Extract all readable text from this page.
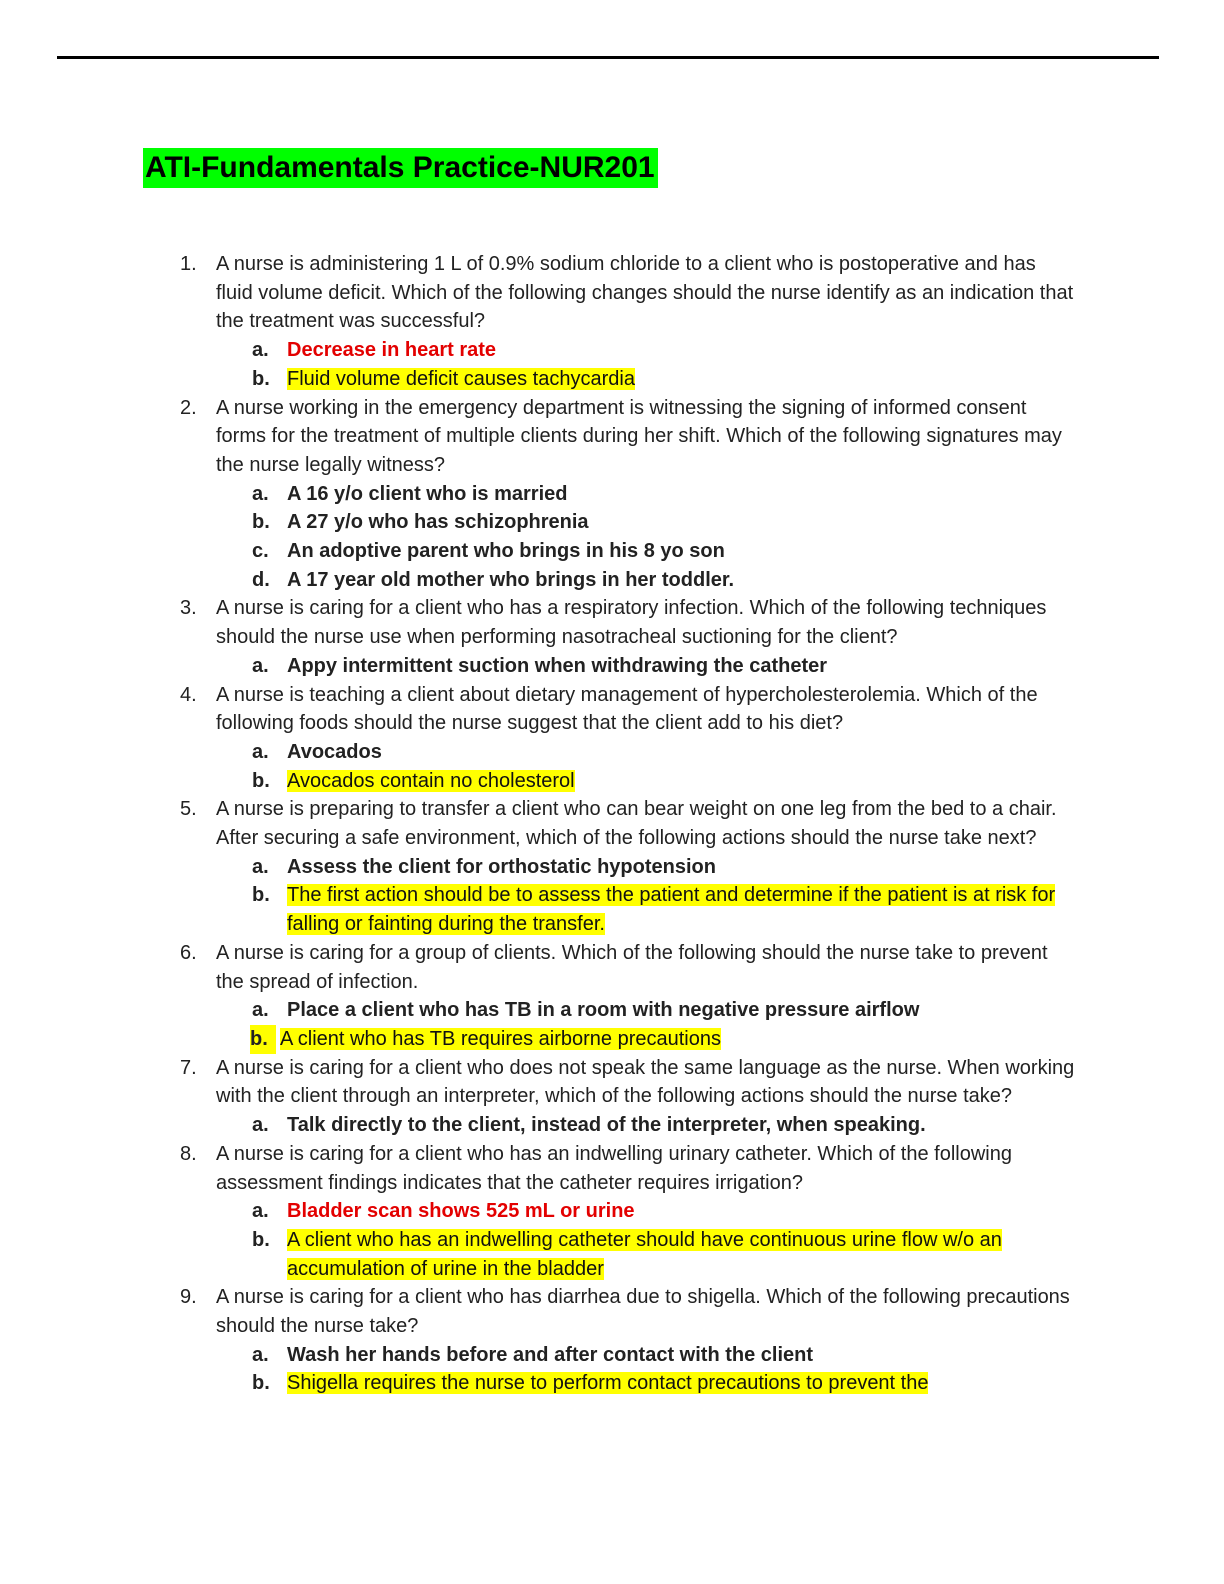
ATI-Fundamentals Practice-NUR201
1. A nurse is administering 1 L of 0.9% sodium chloride to a client who is postoperative and has fluid volume deficit. Which of the following changes should the nurse identify as an indication that the treatment was successful?
a. Decrease in heart rate
b. Fluid volume deficit causes tachycardia
2. A nurse working in the emergency department is witnessing the signing of informed consent forms for the treatment of multiple clients during her shift. Which of the following signatures may the nurse legally witness?
a. A 16 y/o client who is married
b. A 27 y/o who has schizophrenia
c. An adoptive parent who brings in his 8 yo son
d. A 17 year old mother who brings in her toddler.
3. A nurse is caring for a client who has a respiratory infection. Which of the following techniques should the nurse use when performing nasotracheal suctioning for the client?
a. Appy intermittent suction when withdrawing the catheter
4. A nurse is teaching a client about dietary management of hypercholesterolemia. Which of the following foods should the nurse suggest that the client add to his diet?
a. Avocados
b. Avocados contain no cholesterol
5. A nurse is preparing to transfer a client who can bear weight on one leg from the bed to a chair. After securing a safe environment, which of the following actions should the nurse take next?
a. Assess the client for orthostatic hypotension
b. The first action should be to assess the patient and determine if the patient is at risk for falling or fainting during the transfer.
6. A nurse is caring for a group of clients. Which of the following should the nurse take to prevent the spread of infection.
a. Place a client who has TB in a room with negative pressure airflow
b. A client who has TB requires airborne precautions
7. A nurse is caring for a client who does not speak the same language as the nurse. When working with the client through an interpreter, which of the following actions should the nurse take?
a. Talk directly to the client, instead of the interpreter, when speaking.
8. A nurse is caring for a client who has an indwelling urinary catheter. Which of the following assessment findings indicates that the catheter requires irrigation?
a. Bladder scan shows 525 mL or urine
b. A client who has an indwelling catheter should have continuous urine flow w/o an accumulation of urine in the bladder
9. A nurse is caring for a client who has diarrhea due to shigella. Which of the following precautions should the nurse take?
a. Wash her hands before and after contact with the client
b. Shigella requires the nurse to perform contact precautions to prevent the
